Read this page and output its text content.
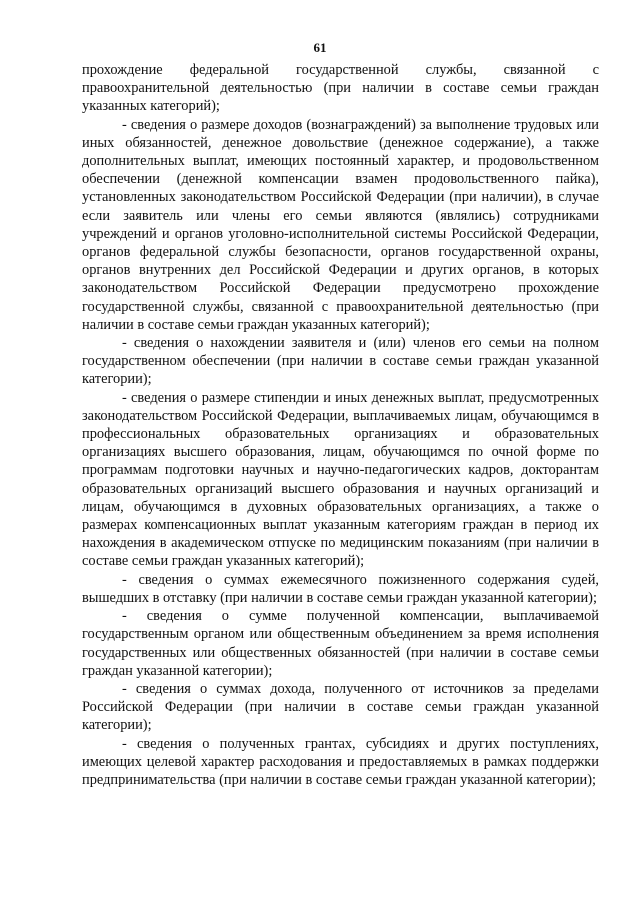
61

прохождение федеральной государственной службы, связанной с правоохранительной деятельностью (при наличии в составе семьи граждан указанных категорий);

- сведения о размере доходов (вознаграждений) за выполнение трудовых или иных обязанностей, денежное довольствие (денежное содержание), а также дополнительных выплат, имеющих постоянный характер, и продовольственном обеспечении (денежной компенсации взамен продовольственного пайка), установленных законодательством Российской Федерации (при наличии), в случае если заявитель или члены его семьи являются (являлись) сотрудниками учреждений и органов уголовно-исполнительной системы Российской Федерации, органов федеральной службы безопасности, органов государственной охраны, органов внутренних дел Российской Федерации и других органов, в которых законодательством Российской Федерации предусмотрено прохождение государственной службы, связанной с правоохранительной деятельностью (при наличии в составе семьи граждан указанных категорий);

- сведения о нахождении заявителя и (или) членов его семьи на полном государственном обеспечении (при наличии в составе семьи граждан указанной категории);

- сведения о размере стипендии и иных денежных выплат, предусмотренных законодательством Российской Федерации, выплачиваемых лицам, обучающимся в профессиональных образовательных организациях и образовательных организациях высшего образования, лицам, обучающимся по очной форме по программам подготовки научных и научно-педагогических кадров, докторантам образовательных организаций высшего образования и научных организаций и лицам, обучающимся в духовных образовательных организациях, а также о размерах компенсационных выплат указанным категориям граждан в период их нахождения в академическом отпуске по медицинским показаниям (при наличии в составе семьи граждан указанных категорий);

- сведения о суммах ежемесячного пожизненного содержания судей, вышедших в отставку (при наличии в составе семьи граждан указанной категории);

- сведения о сумме полученной компенсации, выплачиваемой государственным органом или общественным объединением за время исполнения государственных или общественных обязанностей (при наличии в составе семьи граждан указанной категории);

- сведения о суммах дохода, полученного от источников за пределами Российской Федерации (при наличии в составе семьи граждан указанной категории);

- сведения о полученных грантах, субсидиях и других поступлениях, имеющих целевой характер расходования и предоставляемых в рамках поддержки предпринимательства (при наличии в составе семьи граждан указанной категории);
